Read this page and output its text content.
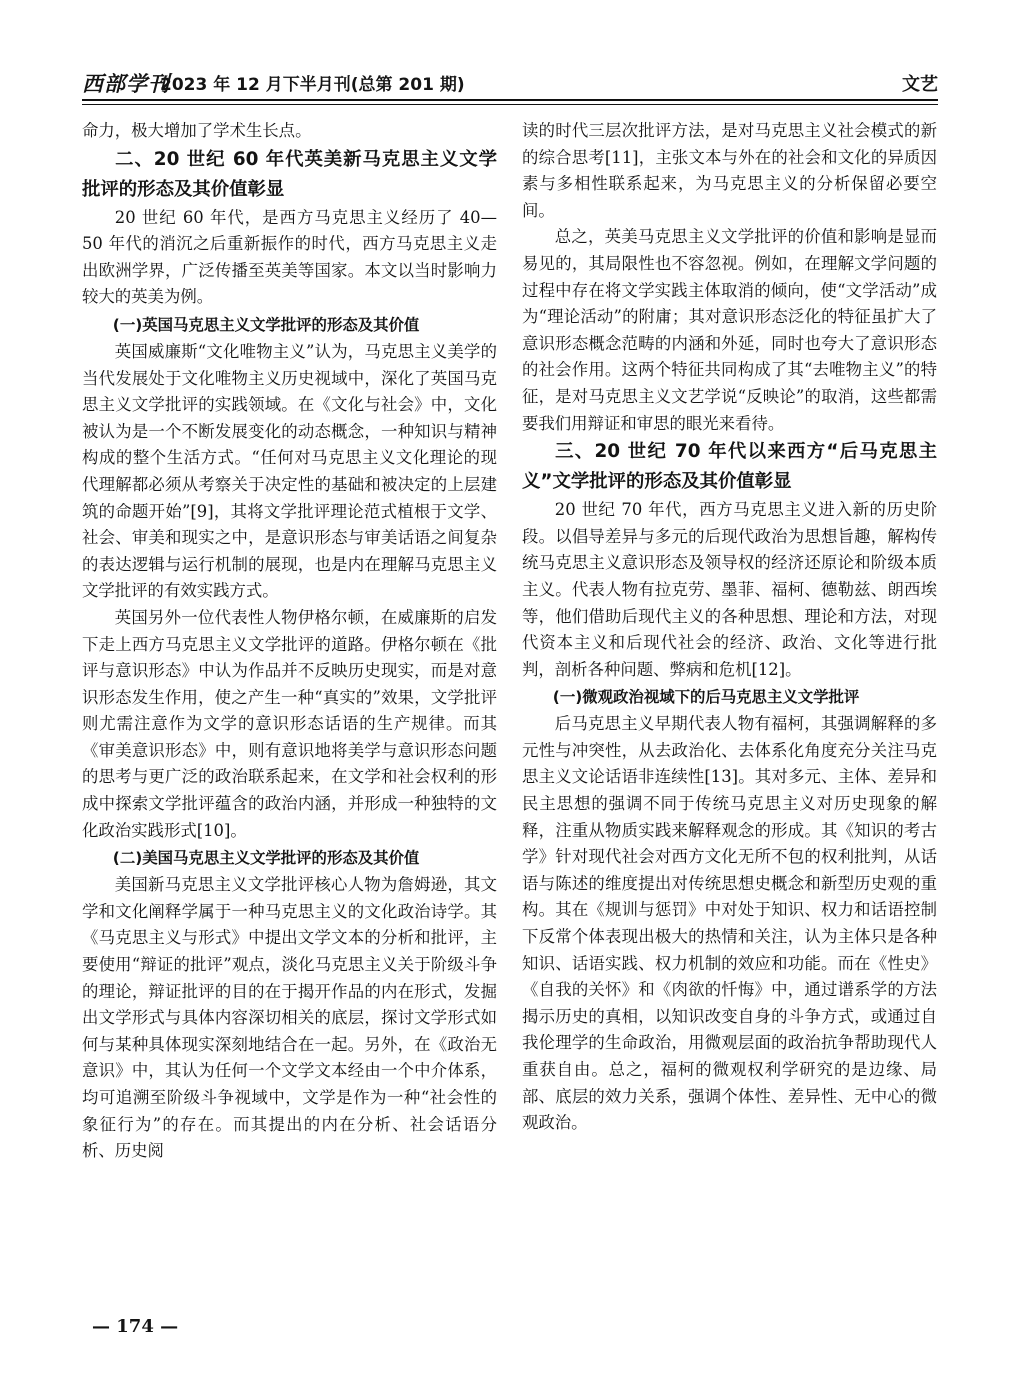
西部学刊
2023 年 12 月下半月刊(总第 201 期)	文艺

命力，极大增加了学术生长点。

二、20 世纪 60 年代英美新马克思主义文学批评的形态及其价值彰显

20 世纪 60 年代，是西方马克思主义经历了 40—50 年代的消沉之后重新振作的时代，西方马克思主义走出欧洲学界，广泛传播至英美等国家。本文以当时影响力较大的英美为例。

(一)英国马克思主义文学批评的形态及其价值

英国威廉斯“文化唯物主义”认为，马克思主义美学的当代发展处于文化唯物主义历史视域中，深化了英国马克思主义文学批评的实践领域。在《文化与社会》中，文化被认为是一个不断发展变化的动态概念，一种知识与精神构成的整个生活方式。“任何对马克思主义文化理论的现代理解都必须从考察关于决定性的基础和被决定的上层建筑的命题开始”[9]，其将文学批评理论范式植根于文学、社会、审美和现实之中，是意识形态与审美话语之间复杂的表达逻辑与运行机制的展现，也是内在理解马克思主义文学批评的有效实践方式。

英国另外一位代表性人物伊格尔顿，在威廉斯的启发下走上西方马克思主义文学批评的道路。伊格尔顿在《批评与意识形态》中认为作品并不反映历史现实，而是对意识形态发生作用，使之产生一种“真实的”效果，文学批评则尤需注意作为文学的意识形态话语的生产规律。而其《审美意识形态》中，则有意识地将美学与意识形态问题的思考与更广泛的政治联系起来，在文学和社会权利的形成中探索文学批评蕴含的政治内涵，并形成一种独特的文化政治实践形式[10]。

(二)美国马克思主义文学批评的形态及其价值

美国新马克思主义文学批评核心人物为詹姆逊，其文学和文化阐释学属于一种马克思主义的文化政治诗学。其《马克思主义与形式》中提出文学文本的分析和批评，主要使用“辩证的批评”观点，淡化马克思主义关于阶级斗争的理论，辩证批评的目的在于揭开作品的内在形式，发掘出文学形式与具体内容深切相关的底层，探讨文学形式如何与某种具体现实深刻地结合在一起。另外，在《政治无意识》中，其认为任何一个文学文本经由一个中介体系，均可追溯至阶级斗争视域中，文学是作为一种“社会性的象征行为”的存在。而其提出的内在分析、社会话语分析、历史阅

读的时代三层次批评方法，是对马克思主义社会模式的新的综合思考[11]，主张文本与外在的社会和文化的异质因素与多相性联系起来，为马克思主义的分析保留必要空间。

总之，英美马克思主义文学批评的价值和影响是显而易见的，其局限性也不容忽视。例如，在理解文学问题的过程中存在将文学实践主体取消的倾向，使“文学活动”成为“理论活动”的附庸；其对意识形态泛化的特征虽扩大了意识形态概念范畴的内涵和外延，同时也夸大了意识形态的社会作用。这两个特征共同构成了其“去唯物主义”的特征，是对马克思主义文艺学说“反映论”的取消，这些都需要我们用辩证和审思的眼光来看待。

三、20 世纪 70 年代以来西方“后马克思主义”文学批评的形态及其价值彰显

20 世纪 70 年代，西方马克思主义进入新的历史阶段。以倡导差异与多元的后现代政治为思想旨趣，解构传统马克思主义意识形态及领导权的经济还原论和阶级本质主义。代表人物有拉克劳、墨菲、福柯、德勒兹、朗西埃等，他们借助后现代主义的各种思想、理论和方法，对现代资本主义和后现代社会的经济、政治、文化等进行批判，剖析各种问题、弊病和危机[12]。

(一)微观政治视域下的后马克思主义文学批评

后马克思主义早期代表人物有福柯，其强调解释的多元性与冲突性，从去政治化、去体系化角度充分关注马克思主义文论话语非连续性[13]。其对多元、主体、差异和民主思想的强调不同于传统马克思主义对历史现象的解释，注重从物质实践来解释观念的形成。其《知识的考古学》针对现代社会对西方文化无所不包的权利批判，从话语与陈述的维度提出对传统思想史概念和新型历史观的重构。其在《规训与惩罚》中对处于知识、权力和话语控制下反常个体表现出极大的热情和关注，认为主体只是各种知识、话语实践、权力机制的效应和功能。而在《性史》《自我的关怀》和《肉欲的忏悔》中，通过谱系学的方法揭示历史的真相，以知识改变自身的斗争方式，或通过自我伦理学的生命政治，用微观层面的政治抗争帮助现代人重获自由。总之，福柯的微观权利学研究的是边缘、局部、底层的效力关系，强调个体性、差异性、无中心的微观政治。

— 174 —
